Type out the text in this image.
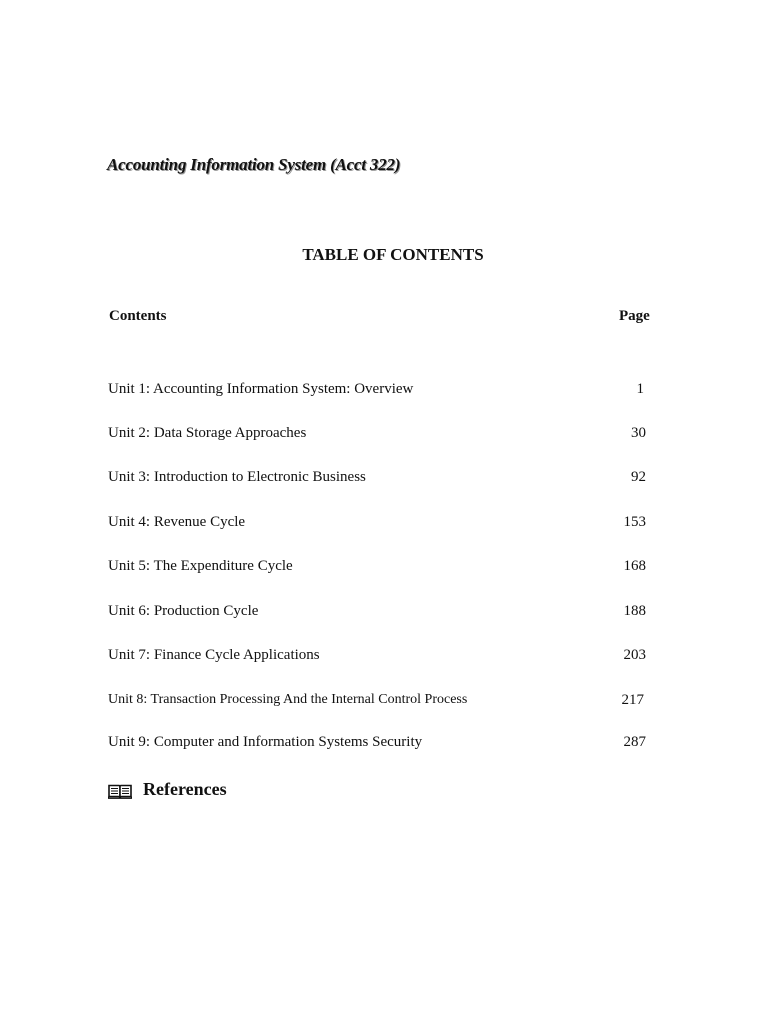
Accounting Information System (Acct 322)
TABLE OF CONTENTS
Contents	Page
Unit 1: Accounting Information System: Overview	1
Unit 2: Data Storage Approaches	30
Unit 3: Introduction to Electronic Business	92
Unit 4: Revenue Cycle	153
Unit 5: The Expenditure Cycle	168
Unit 6: Production Cycle	188
Unit 7: Finance Cycle Applications	203
Unit 8: Transaction Processing And the Internal Control Process	217
Unit 9: Computer and Information Systems Security	287
References
